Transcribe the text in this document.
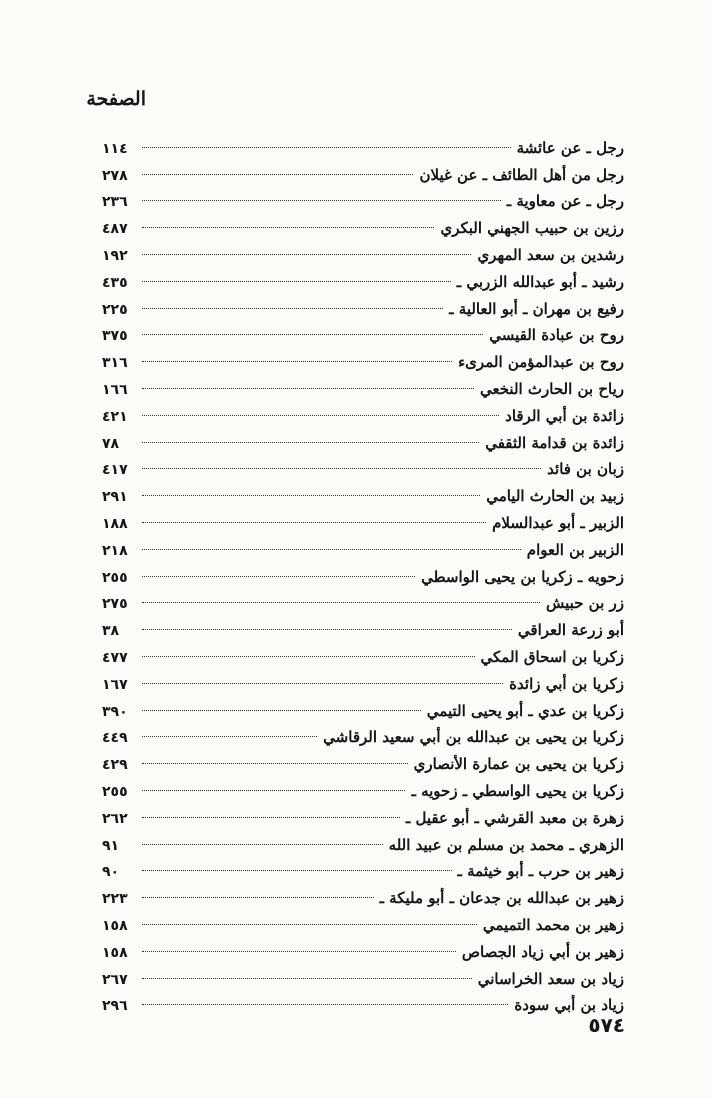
الصفحة
رجل ـ عن عائشة
١١٤
رجل من أهل الطائف ـ عن غيلان
٢٧٨
رجل ـ عن معاوية ـ
٢٣٦
رزين بن حبيب الجهني البكري
٤٨٧
رشدين بن سعد المهري
١٩٢
رشيد ـ أبو عبدالله الزربي ـ
٤٣٥
رفيع بن مهران ـ أبو العالية ـ
٢٢٥
روح بن عبادة القيسي
٣٧٥
روح بن عبدالمؤمن المرىء
٣١٦
رياح بن الحارث النخعي
١٦٦
زائدة بن أبي الرقاد
٤٢١
زائدة بن قدامة الثقفي
٧٨
زبان بن فائد
٤١٧
زبيد بن الحارث اليامي
٢٩١
الزبير ـ أبو عبدالسلام
١٨٨
الزبير بن العوام
٢١٨
زحويه ـ زكريا بن يحيى الواسطي
٢٥٥
زر بن حبيش
٢٧٥
أبو زرعة العراقي
٣٨
زكريا بن اسحاق المكي
٤٧٧
زكريا بن أبي زائدة
١٦٧
زكريا بن عدي ـ أبو يحيى التيمي
٣٩٠
زكريا بن يحيى بن عبدالله بن أبي سعيد الرقاشي
٤٤٩
زكريا بن يحيى بن عمارة الأنصاري
٤٢٩
زكريا بن يحيى الواسطي ـ زحويه ـ
٢٥٥
زهرة بن معبد القرشي ـ أبو عقيل ـ
٢٦٢
الزهري ـ محمد بن مسلم بن عبيد الله
٩١
زهير بن حرب ـ أبو خيثمة ـ
٩٠
زهير بن عبدالله بن جدعان ـ أبو مليكة ـ
٢٢٣
زهير بن محمد التميمي
١٥٨
زهير بن أبي زياد الجصاص
١٥٨
زياد بن سعد الخراساني
٢٦٧
زياد بن أبي سودة
٢٩٦
٥٧٤
